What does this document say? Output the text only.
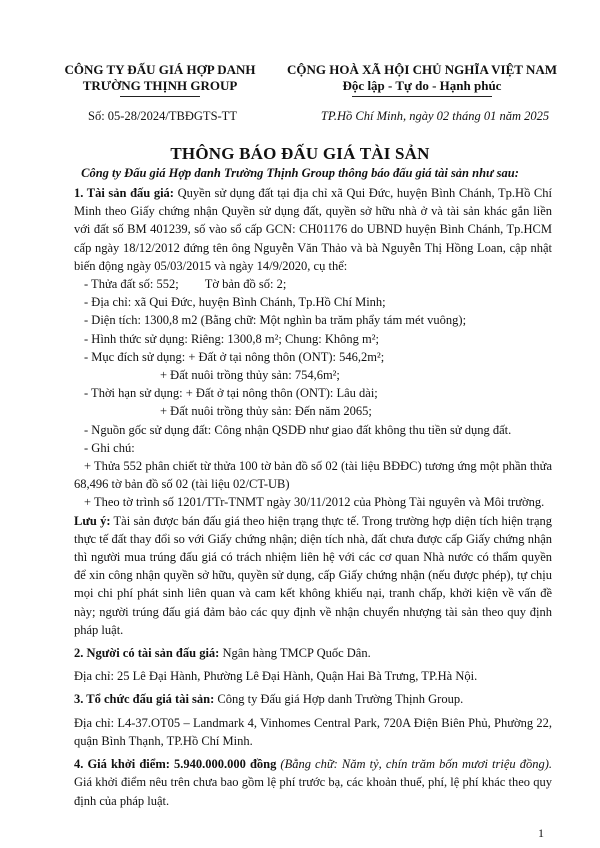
CÔNG TY ĐẤU GIÁ HỢP DANH
TRƯỜNG THỊNH GROUP
CỘNG HOÀ XÃ HỘI CHỦ NGHĨA VIỆT NAM
Độc lập - Tự do - Hạnh phúc
Số: 05-28/2024/TBĐGTS-TT	TP.Hồ Chí Minh, ngày 02 tháng 01 năm 2025
THÔNG BÁO ĐẤU GIÁ TÀI SẢN
Công ty Đấu giá Hợp danh Trường Thịnh Group thông báo đấu giá tài sản như sau:

1. Tài sản đấu giá: Quyền sử dụng đất tại địa chỉ xã Qui Đức, huyện Bình Chánh, Tp.Hồ Chí Minh theo Giấy chứng nhận Quyền sử dụng đất, quyền sở hữu nhà ở và tài sản khác gắn liền với đất số BM 401239, số vào sổ cấp GCN: CH01176 do UBND huyện Bình Chánh, Tp.HCM cấp ngày 18/12/2012 đứng tên ông Nguyễn Văn Thảo và bà Nguyễn Thị Hồng Loan, cập nhật biến động ngày 05/03/2015 và ngày 14/9/2020, cụ thể:

- Thửa đất số: 552; Tờ bản đồ số: 2;

- Địa chỉ: xã Qui Đức, huyện Bình Chánh, Tp.Hồ Chí Minh;

- Diện tích: 1300,8 m2 (Bằng chữ: Một nghìn ba trăm phẩy tám mét vuông);

- Hình thức sử dụng: Riêng: 1300,8 m²; Chung: Không m²;

- Mục đích sử dụng: + Đất ở tại nông thôn (ONT): 546,2m²;

+ Đất nuôi trồng thủy sản: 754,6m²;

- Thời hạn sử dụng: + Đất ở tại nông thôn (ONT): Lâu dài;

+ Đất nuôi trồng thủy sản: Đến năm 2065;

- Nguồn gốc sử dụng đất: Công nhận QSDĐ như giao đất không thu tiền sử dụng đất.

- Ghi chú:

+ Thửa 552 phân chiết từ thửa 100 tờ bản đồ số 02 (tài liệu BĐĐC) tương ứng một phần thửa 68,496 tờ bản đồ số 02 (tài liệu 02/CT-UB)

+ Theo tờ trình số 1201/TTr-TNMT ngày 30/11/2012 của Phòng Tài nguyên và Môi trường.

Lưu ý: Tài sản được bán đấu giá theo hiện trạng thực tế. Trong trường hợp diện tích hiện trạng thực tế đất thay đổi so với Giấy chứng nhận; diện tích nhà, đất chưa được cấp Giấy chứng nhận thì người mua trúng đấu giá có trách nhiệm liên hệ với các cơ quan Nhà nước có thẩm quyền để xin công nhận quyền sở hữu, quyền sử dụng, cấp Giấy chứng nhận (nếu được phép), tự chịu mọi chi phí phát sinh liên quan và cam kết không khiếu nại, tranh chấp, khởi kiện về vấn đề này; người trúng đấu giá đảm bảo các quy định về nhận chuyển nhượng tài sản theo quy định pháp luật.

2. Người có tài sản đấu giá: Ngân hàng TMCP Quốc Dân.

Địa chỉ: 25 Lê Đại Hành, Phường Lê Đại Hành, Quận Hai Bà Trưng, TP.Hà Nội.

3. Tổ chức đấu giá tài sản: Công ty Đấu giá Hợp danh Trường Thịnh Group.

Địa chỉ: L4-37.OT05 – Landmark 4, Vinhomes Central Park, 720A Điện Biên Phủ, Phường 22, quận Bình Thạnh, TP.Hồ Chí Minh.

4. Giá khởi điểm: 5.940.000.000 đồng (Bằng chữ: Năm tỷ, chín trăm bốn mươi triệu đồng). Giá khởi điểm nêu trên chưa bao gồm lệ phí trước bạ, các khoản thuế, phí, lệ phí khác theo quy định của pháp luật.

1
